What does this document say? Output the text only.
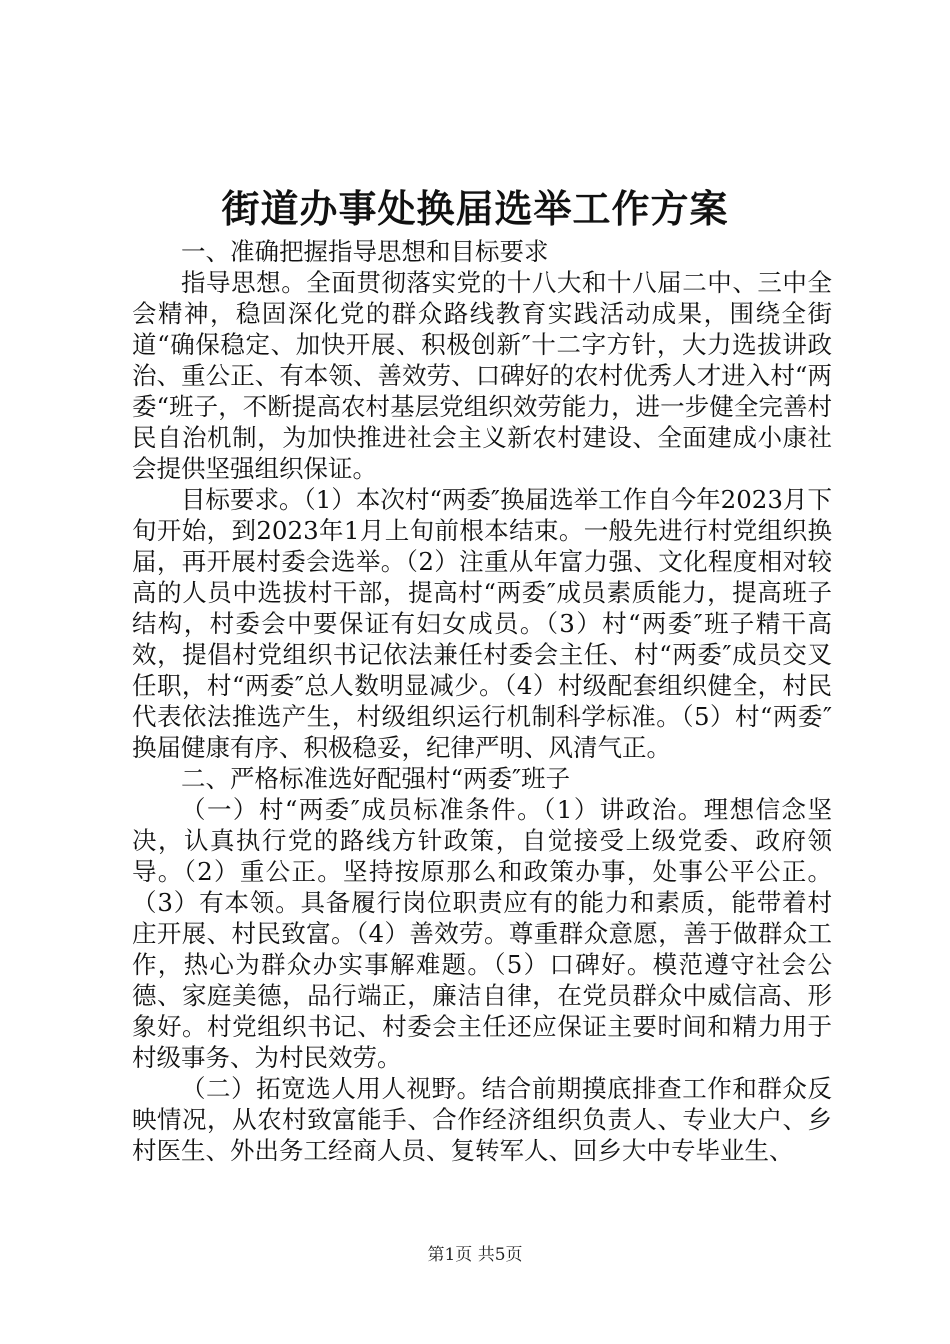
街道办事处换届选举工作方案

一、准确把握指导思想和目标要求

指导思想。全面贯彻落实党的十八大和十八届二中、三中全会精神，稳固深化党的群众路线教育实践活动成果，围绕全街道“确保稳定、加快开展、积极创新″十二字方针，大力选拔讲政治、重公正、有本领、善效劳、口碑好的农村优秀人才进入村“两委“班子，不断提高农村基层党组织效劳能力，进一步健全完善村民自治机制，为加快推进社会主义新农村建设、全面建成小康社会提供坚强组织保证。

目标要求。（1）本次村“两委″换届选举工作自今年2023月下旬开始，到2023年1月上旬前根本结束。一般先进行村党组织换届，再开展村委会选举。（2）注重从年富力强、文化程度相对较高的人员中选拔村干部，提高村“两委″成员素质能力，提高班子结构，村委会中要保证有妇女成员。（3）村“两委″班子精干高效，提倡村党组织书记依法兼任村委会主任、村“两委″成员交叉任职，村“两委″总人数明显减少。（4）村级配套组织健全，村民代表依法推选产生，村级组织运行机制科学标准。（5）村“两委″换届健康有序、积极稳妥，纪律严明、风清气正。

二、严格标准选好配强村“两委″班子

（一）村“两委″成员标准条件。（1）讲政治。理想信念坚决，认真执行党的路线方针政策，自觉接受上级党委、政府领导。（2）重公正。坚持按原那么和政策办事，处事公平公正。（3）有本领。具备履行岗位职责应有的能力和素质，能带着村庄开展、村民致富。（4）善效劳。尊重群众意愿，善于做群众工作，热心为群众办实事解难题。（5）口碑好。模范遵守社会公德、家庭美德，品行端正，廉洁自律，在党员群众中威信高、形象好。村党组织书记、村委会主任还应保证主要时间和精力用于村级事务、为村民效劳。

（二）拓宽选人用人视野。结合前期摸底排查工作和群众反映情况，从农村致富能手、合作经济组织负责人、专业大户、乡村医生、外出务工经商人员、复转军人、回乡大中专毕业生、

第1页 共5页
